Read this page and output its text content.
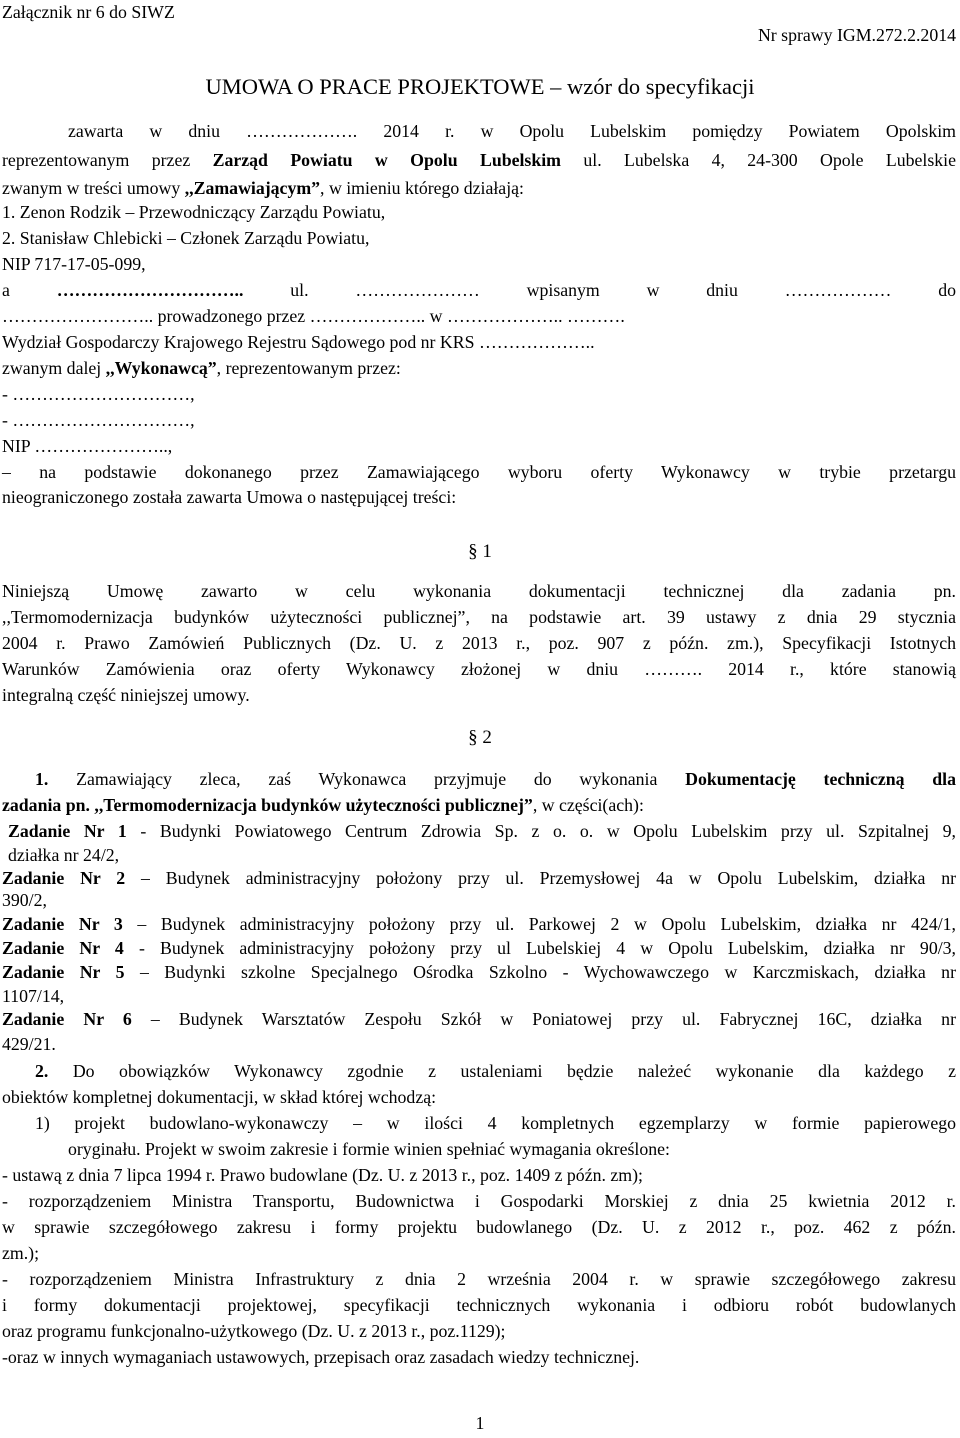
Załącznik nr 6 do SIWZ
Nr sprawy IGM.272.2.2014
UMOWA O PRACE PROJEKTOWE – wzór do specyfikacji
zawarta w dniu ………………. 2014 r. w Opolu Lubelskim pomiędzy Powiatem Opolskim
reprezentowanym przez Zarząd Powiatu w Opolu Lubelskim ul. Lubelska 4, 24-300 Opole Lubelskie
zwanym w treści umowy ,,Zamawiającym”, w imieniu którego działają:
1. Zenon Rodzik – Przewodniczący Zarządu Powiatu,
2. Stanisław Chlebicki – Członek Zarządu Powiatu,
NIP 717-17-05-099,
a ………………………….. ul. ………………… wpisanym w dniu ……………… do
…………………….. prowadzonego przez ……………….. w ……………….. ……….
Wydział Gospodarczy Krajowego Rejestru Sądowego pod nr KRS ………………..
zwanym dalej ,,Wykonawcą”, reprezentowanym przez:
- …………………………,
- …………………………,
NIP …………………..,
– na podstawie dokonanego przez Zamawiającego wyboru oferty Wykonawcy w trybie przetargu
nieograniczonego została zawarta Umowa o następującej treści:
§ 1
Niniejszą Umowę zawarto w celu wykonania dokumentacji technicznej dla zadania pn.
,,Termomodernizacja budynków użyteczności publicznej”, na podstawie art. 39 ustawy z dnia 29 stycznia
2004 r. Prawo Zamówień Publicznych (Dz. U. z 2013 r., poz. 907 z późn. zm.), Specyfikacji Istotnych
Warunków Zamówienia oraz oferty Wykonawcy złożonej w dniu ………. 2014 r., które stanowią
integralną część niniejszej umowy.
§ 2
1. Zamawiający zleca, zaś Wykonawca przyjmuje do wykonania Dokumentację techniczną dla
zadania pn. ,,Termomodernizacja budynków użyteczności publicznej”, w części(ach):
Zadanie Nr 1 - Budynki Powiatowego Centrum Zdrowia Sp. z o. o. w Opolu Lubelskim przy ul. Szpitalnej 9,
działka nr 24/2,
Zadanie Nr 2 – Budynek administracyjny położony przy ul. Przemysłowej 4a w Opolu Lubelskim, działka nr
390/2,
Zadanie Nr 3 – Budynek administracyjny położony przy ul. Parkowej 2 w Opolu Lubelskim, działka nr 424/1,
Zadanie Nr 4 - Budynek administracyjny położony przy ul Lubelskiej 4 w Opolu Lubelskim, działka nr 90/3,
Zadanie Nr 5 – Budynki szkolne Specjalnego Ośrodka Szkolno - Wychowawczego w Karczmiskach, działka nr
1107/14,
Zadanie Nr 6 – Budynek Warsztatów Zespołu Szkół w Poniatowej przy ul. Fabrycznej 16C, działka nr
429/21.
2. Do obowiązków Wykonawcy zgodnie z ustaleniami będzie należeć wykonanie dla każdego z
obiektów kompletnej dokumentacji, w skład której wchodzą:
1) projekt budowlano-wykonawczy – w ilości 4 kompletnych egzemplarzy w formie papierowego
oryginału. Projekt w swoim zakresie i formie winien spełniać wymagania określone:
- ustawą z dnia 7 lipca 1994 r. Prawo budowlane (Dz. U. z 2013 r., poz. 1409 z późn. zm);
- rozporządzeniem Ministra Transportu, Budownictwa i Gospodarki Morskiej z dnia 25 kwietnia 2012 r.
w sprawie szczegółowego zakresu i formy projektu budowlanego (Dz. U. z 2012 r., poz. 462 z późn.
zm.);
- rozporządzeniem Ministra Infrastruktury z dnia 2 września 2004 r. w sprawie szczegółowego zakresu
i formy dokumentacji projektowej, specyfikacji technicznych wykonania i odbioru robót budowlanych
oraz programu funkcjonalno-użytkowego (Dz. U. z 2013 r., poz.1129);
-oraz w innych wymaganiach ustawowych, przepisach oraz zasadach wiedzy technicznej.
1
